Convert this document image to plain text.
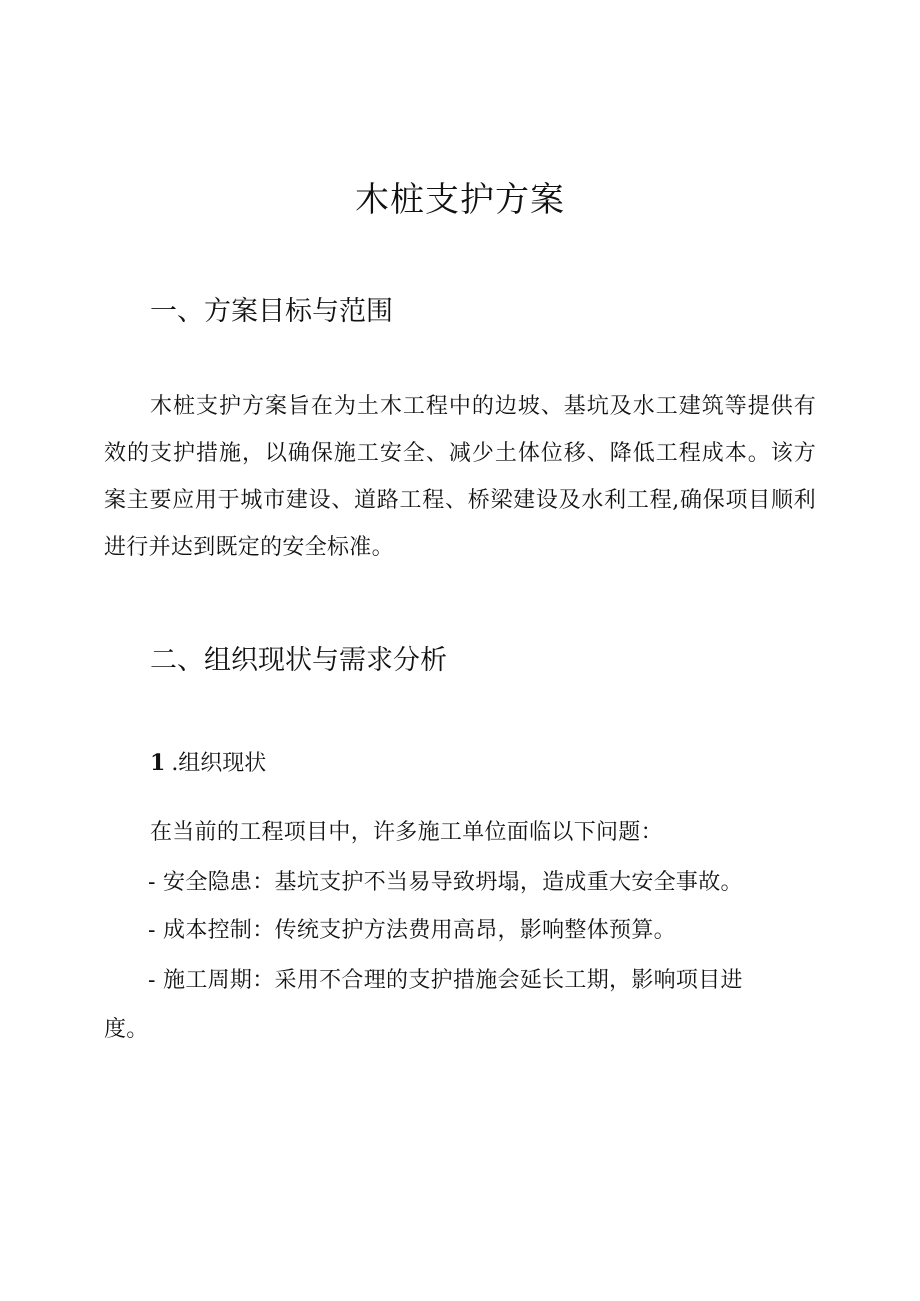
木桩支护方案
一、方案目标与范围

木桩支护方案旨在为土木工程中的边坡、基坑及水工建筑等提供有效的支护措施，以确保施工安全、减少土体位移、降低工程成本。该方案主要应用于城市建设、道路工程、桥梁建设及水利工程,确保项目顺利进行并达到既定的安全标准。

二、组织现状与需求分析
1 .组织现状

在当前的工程项目中，许多施工单位面临以下问题：

- 安全隐患：基坑支护不当易导致坍塌，造成重大安全事故。

- 成本控制：传统支护方法费用高昂，影响整体预算。

- 施工周期：采用不合理的支护措施会延长工期，影响项目进

度。
